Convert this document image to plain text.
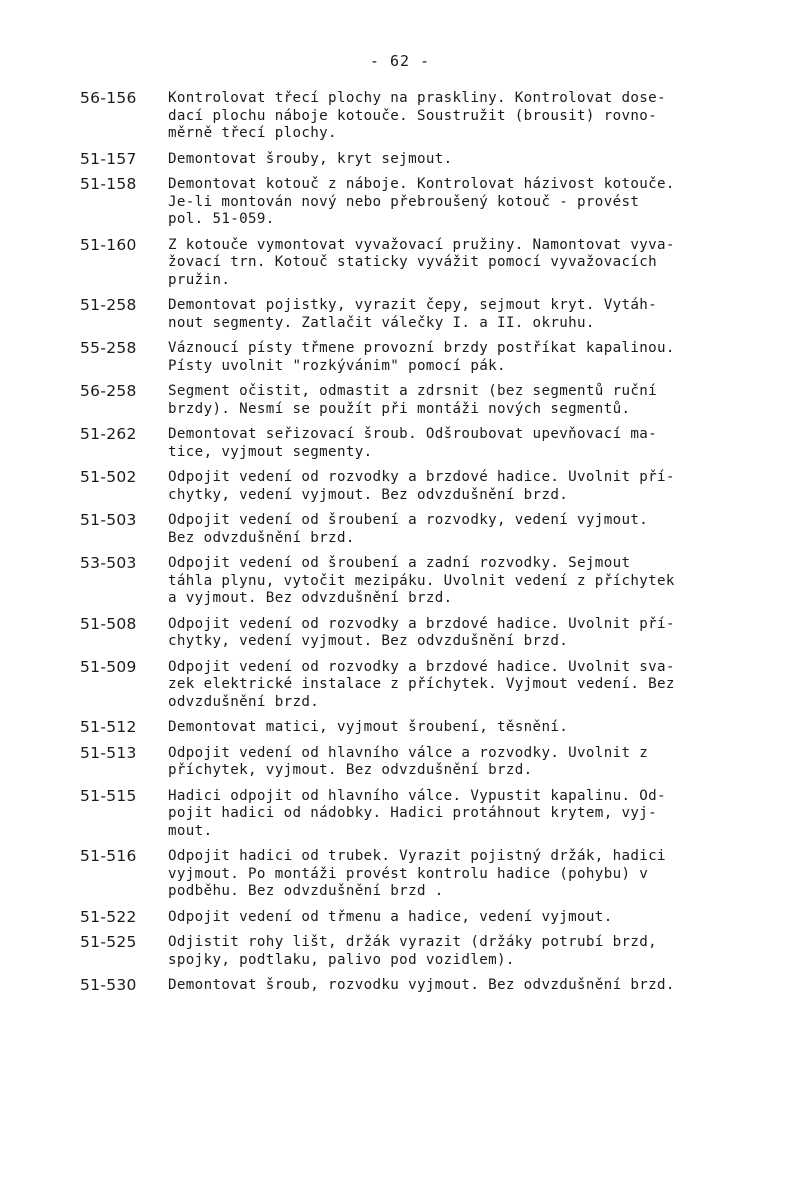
- 62 -
56-156	Kontrolovat třecí plochy na praskliny. Kontrolovat dose-
dací plochu náboje kotouče. Soustružit (brousit) rovno-
měrně třecí plochy.
51-157	Demontovat šrouby, kryt sejmout.
51-158	Demontovat kotouč z náboje. Kontrolovat házivost kotouče.
Je-li montován nový nebo přebroušený kotouč - provést
pol. 51-059.
51-160	Z kotouče vymontovat vyvažovací pružiny. Namontovat vyva-
žovací trn. Kotouč staticky vyvážit pomocí vyvažovacích
pružin.
51-258	Demontovat pojistky, vyrazit čepy, sejmout kryt. Vytáh-
nout segmenty. Zatlačit válečky I. a II. okruhu.
55-258	Váznoucí písty třmene provozní brzdy postříkat kapalinou.
Písty uvolnit "rozkývánim" pomocí pák.
56-258	Segment očistit, odmastit a zdrsnit (bez segmentů ruční
brzdy). Nesmí se použít při montáži nových segmentů.
51-262	Demontovat seřizovací šroub. Odšroubovat upevňovací ma-
tice, vyjmout segmenty.
51-502	Odpojit vedení od rozvodky a brzdové hadice. Uvolnit pří-
chytky, vedení vyjmout. Bez odvzdušnění brzd.
51-503	Odpojit vedení od šroubení a rozvodky, vedení vyjmout.
Bez odvzdušnění brzd.
53-503	Odpojit vedení od šroubení a zadní rozvodky. Sejmout
táhla plynu, vytočit mezipáku. Uvolnit vedení z příchytek
a vyjmout. Bez odvzdušnění brzd.
51-508	Odpojit vedení od rozvodky a brzdové hadice. Uvolnit pří-
chytky, vedení vyjmout. Bez odvzdušnění brzd.
51-509	Odpojit vedení od rozvodky a brzdové hadice. Uvolnit sva-
zek elektrické instalace z příchytek. Vyjmout vedení. Bez
odvzdušnění brzd.
51-512	Demontovat matici, vyjmout šroubení, těsnění.
51-513	Odpojit vedení od hlavního válce a rozvodky. Uvolnit z
příchytek, vyjmout. Bez odvzdušnění brzd.
51-515	Hadici odpojit od hlavního válce. Vypustit kapalinu. Od-
pojit hadici od nádobky. Hadici protáhnout krytem, vyj-
mout.
51-516	Odpojit hadici od trubek. Vyrazit pojistný držák, hadici
vyjmout. Po montáži provést kontrolu hadice (pohybu) v
podběhu. Bez odvzdušnění brzd .
51-522	Odpojit vedení od třmenu a hadice, vedení vyjmout.
51-525	Odjistit rohy lišt, držák vyrazit (držáky potrubí brzd,
spojky, podtlaku, palivo pod vozidlem).
51-530	Demontovat šroub, rozvodku vyjmout. Bez odvzdušnění brzd.
